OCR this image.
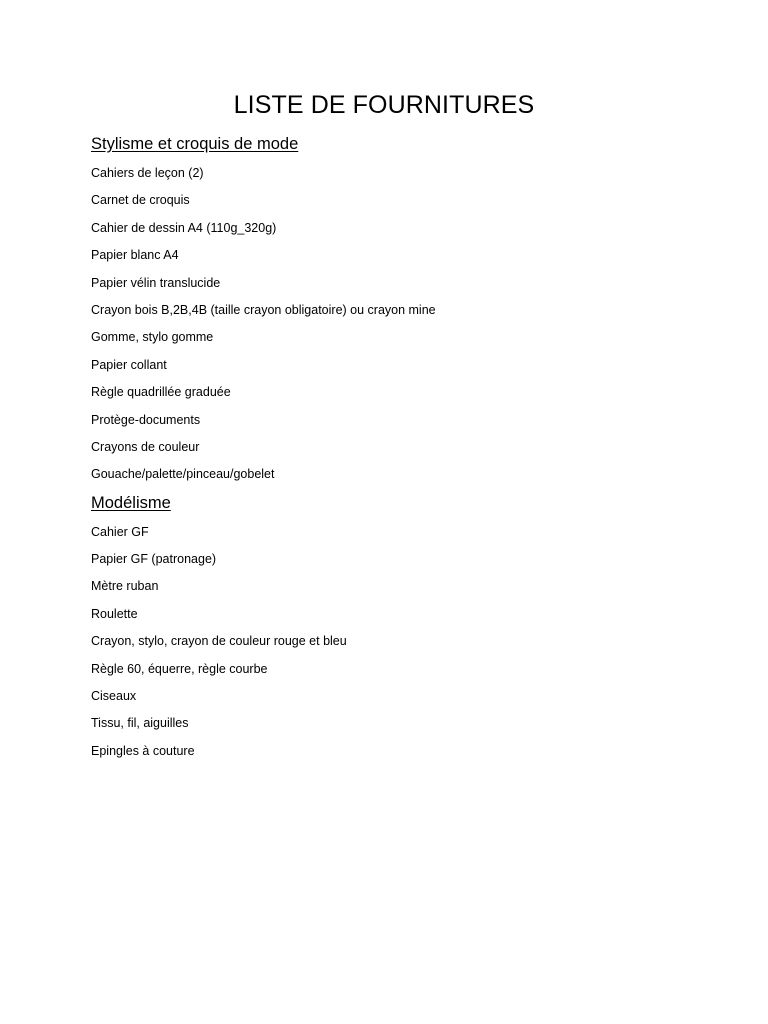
LISTE DE FOURNITURES
Stylisme et croquis de mode
Cahiers de leçon (2)
Carnet de croquis
Cahier de dessin A4 (110g_320g)
Papier blanc A4
Papier vélin translucide
Crayon bois B,2B,4B (taille crayon obligatoire) ou crayon mine
Gomme, stylo gomme
Papier collant
Règle quadrillée graduée
Protège-documents
Crayons de couleur
Gouache/palette/pinceau/gobelet
Modélisme
Cahier GF
Papier GF (patronage)
Mètre ruban
Roulette
Crayon, stylo, crayon de couleur rouge et bleu
Règle 60, équerre, règle courbe
Ciseaux
Tissu, fil, aiguilles
Epingles à couture
